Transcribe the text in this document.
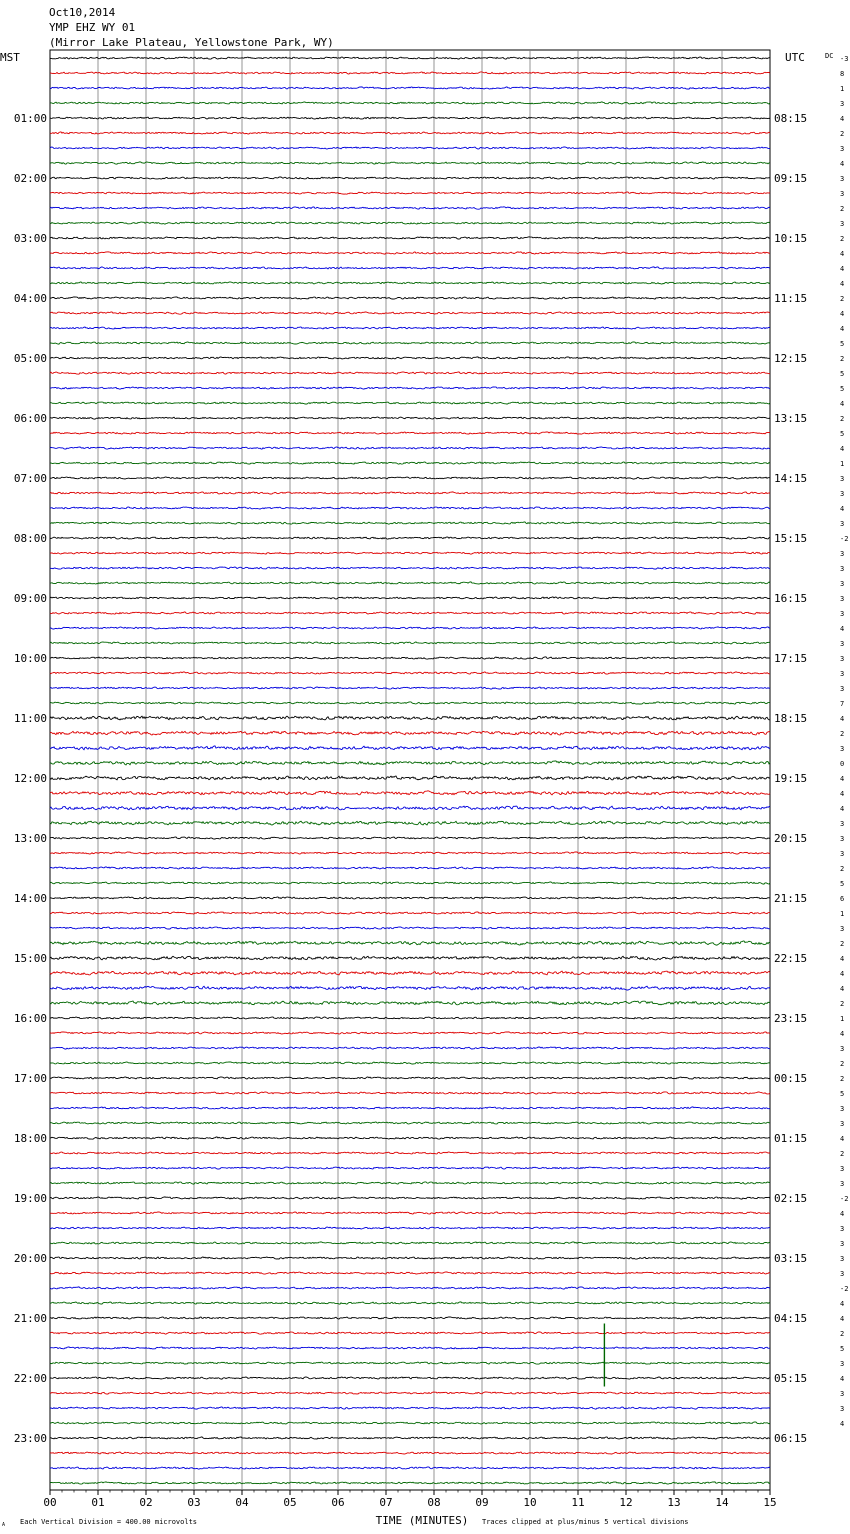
Oct10,2014
YMP EHZ WY 01
(Mirror Lake Plateau, Yellowstone Park, WY)
MST	UTC	DC
00	01	02	03	04	05	06	07	08	09	10	11	12	13	14	15
-3
8
1
3
4
2
3
4
3
3
2
3
2
4
4
4
2
4
4
5
2
5
5
4
2
5
4
1
3
3
4
3
-2
3
3
3
3
3
4
3
3
3
3
7
4
2
3
0
4
4
4
3
3
3
2
5
6
1
3
2
4
4
4
2
1
4
3
2
2
5
3
3
4
2
3
3
-2
4
3
3
3
3
-2
4
4
2
5
3
4
3
3
4
01:00
02:00
03:00
04:00
05:00
06:00
07:00
08:00
09:00
10:00
11:00
12:00
13:00
14:00
15:00
16:00
17:00
18:00
19:00
20:00
21:00
22:00
23:00
08:15
09:15
10:15
11:15
12:15
13:15
14:15
15:15
16:15
17:15
18:15
19:15
20:15
21:15
22:15
23:15
00:15
01:15
02:15
03:15
04:15
05:15
06:15
TIME (MINUTES)
Each Vertical Division = 400.00 microvolts	Traces clipped at plus/minus 5 vertical divisions
A
